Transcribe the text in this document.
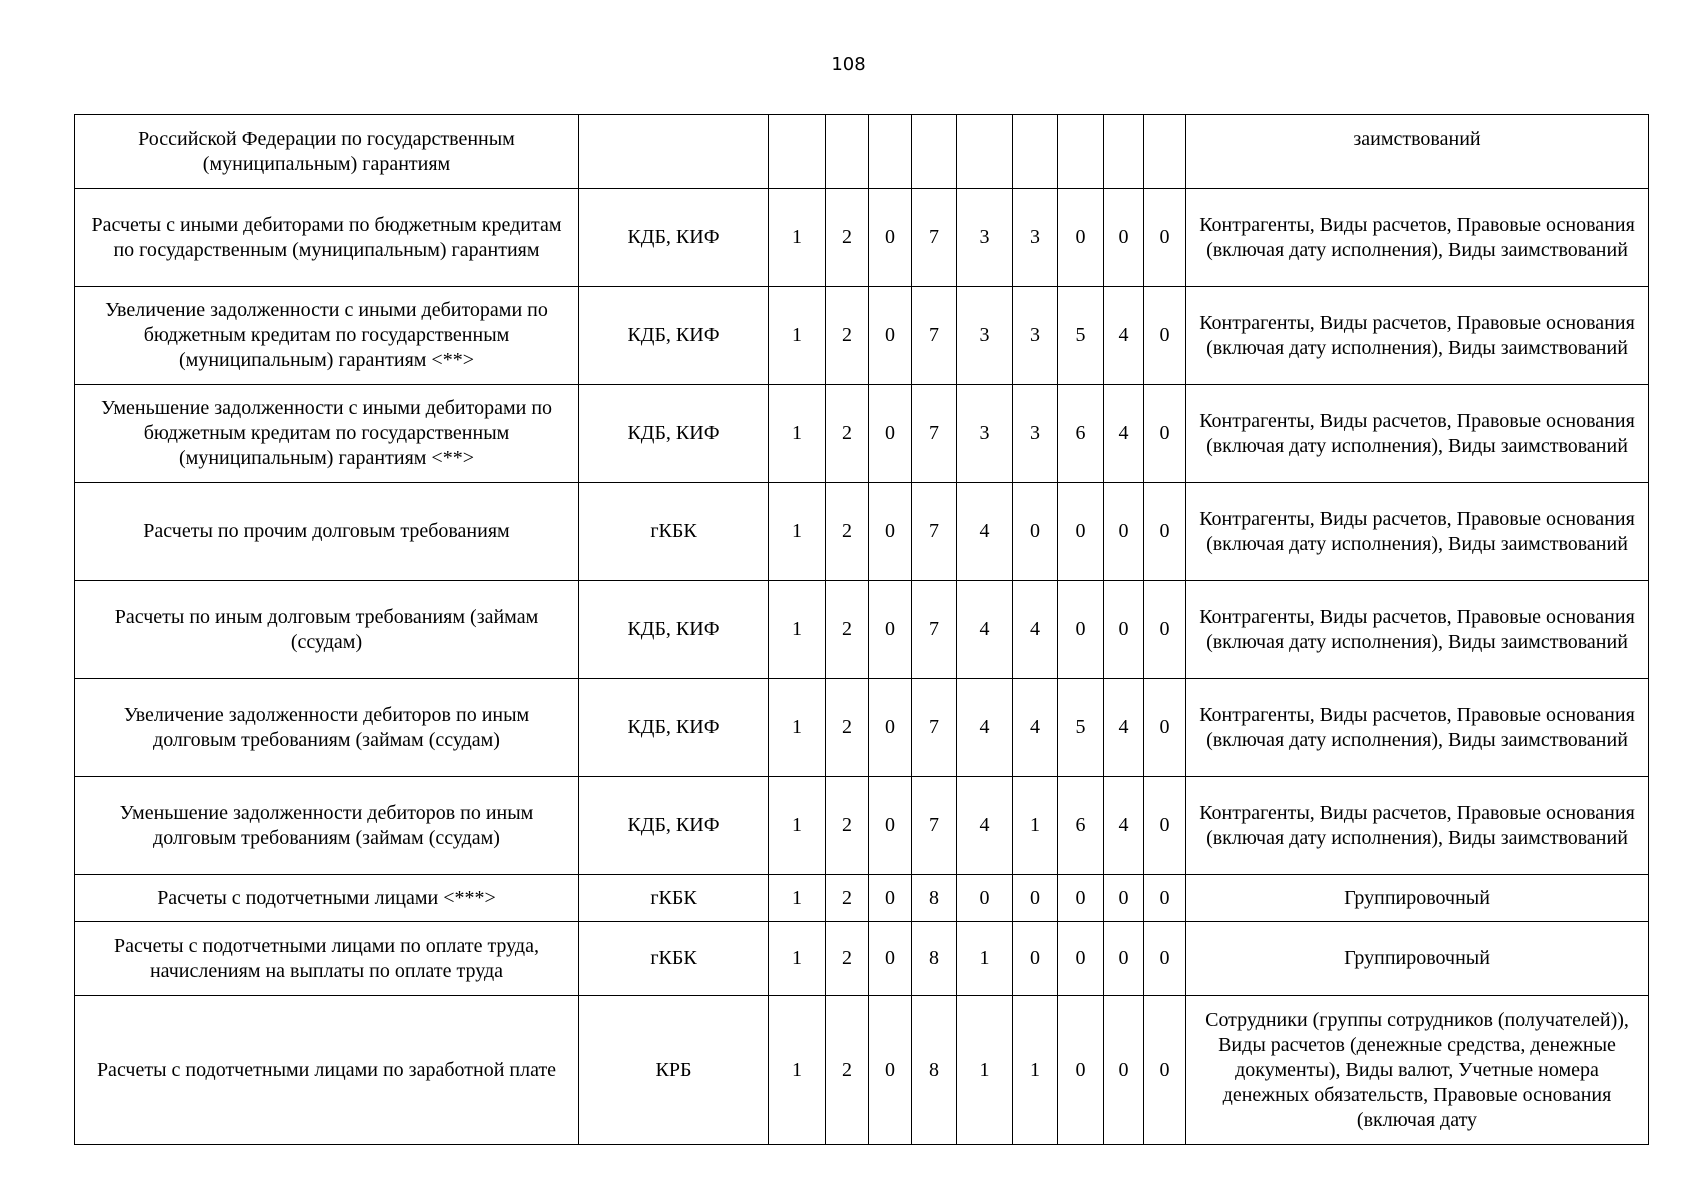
108
Российской Федерации по государственным (муниципальным) гарантиям											заимствований
Расчеты с иными дебиторами по бюджетным кредитам по государственным (муниципальным) гарантиям	КДБ, КИФ	1	2	0	7	3	3	0	0	0	Контрагенты, Виды расчетов, Правовые основания (включая дату исполнения), Виды заимствований
Увеличение задолженности с иными дебиторами по бюджетным кредитам по государственным (муниципальным) гарантиям <**>	КДБ, КИФ	1	2	0	7	3	3	5	4	0	Контрагенты, Виды расчетов, Правовые основания (включая дату исполнения), Виды заимствований
Уменьшение задолженности с иными дебиторами по бюджетным кредитам по государственным (муниципальным) гарантиям <**>	КДБ, КИФ	1	2	0	7	3	3	6	4	0	Контрагенты, Виды расчетов, Правовые основания (включая дату исполнения), Виды заимствований
Расчеты по прочим долговым требованиям	гКБК	1	2	0	7	4	0	0	0	0	Контрагенты, Виды расчетов, Правовые основания (включая дату исполнения), Виды заимствований
Расчеты по иным долговым требованиям (займам (ссудам)	КДБ, КИФ	1	2	0	7	4	4	0	0	0	Контрагенты, Виды расчетов, Правовые основания (включая дату исполнения), Виды заимствований
Увеличение задолженности дебиторов по иным долговым требованиям (займам (ссудам)	КДБ, КИФ	1	2	0	7	4	4	5	4	0	Контрагенты, Виды расчетов, Правовые основания (включая дату исполнения), Виды заимствований
Уменьшение задолженности дебиторов по иным долговым требованиям (займам (ссудам)	КДБ, КИФ	1	2	0	7	4	1	6	4	0	Контрагенты, Виды расчетов, Правовые основания (включая дату исполнения), Виды заимствований
Расчеты с подотчетными лицами <***>	гКБК	1	2	0	8	0	0	0	0	0	Группировочный
Расчеты с подотчетными лицами по оплате труда, начислениям на выплаты по оплате труда	гКБК	1	2	0	8	1	0	0	0	0	Группировочный
Расчеты с подотчетными лицами по заработной плате	КРБ	1	2	0	8	1	1	0	0	0	Сотрудники (группы сотрудников (получателей)), Виды расчетов (денежные средства, денежные документы), Виды валют, Учетные номера денежных обязательств, Правовые основания (включая дату
